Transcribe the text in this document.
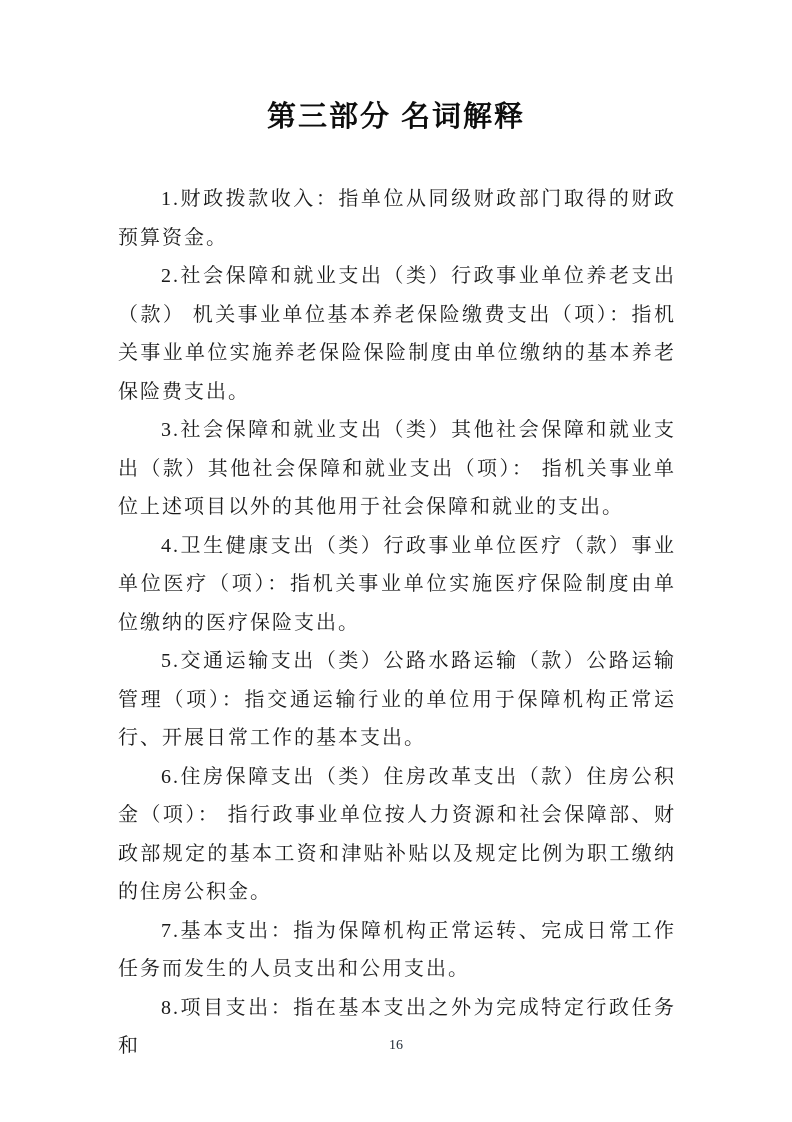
第三部分 名词解释

1.财政拨款收入：指单位从同级财政部门取得的财政预算资金。

2.社会保障和就业支出（类）行政事业单位养老支出（款） 机关事业单位基本养老保险缴费支出（项）：指机关事业单位实施养老保险保险制度由单位缴纳的基本养老保险费支出。

3.社会保障和就业支出（类）其他社会保障和就业支出（款）其他社会保障和就业支出（项）： 指机关事业单位上述项目以外的其他用于社会保障和就业的支出。

4.卫生健康支出（类）行政事业单位医疗（款）事业单位医疗（项）：指机关事业单位实施医疗保险制度由单位缴纳的医疗保险支出。

5.交通运输支出（类）公路水路运输（款）公路运输管理（项）：指交通运输行业的单位用于保障机构正常运行、开展日常工作的基本支出。

6.住房保障支出（类）住房改革支出（款）住房公积金（项）： 指行政事业单位按人力资源和社会保障部、财政部规定的基本工资和津贴补贴以及规定比例为职工缴纳的住房公积金。

7.基本支出：指为保障机构正常运转、完成日常工作任务而发生的人员支出和公用支出。

8.项目支出：指在基本支出之外为完成特定行政任务和	16
